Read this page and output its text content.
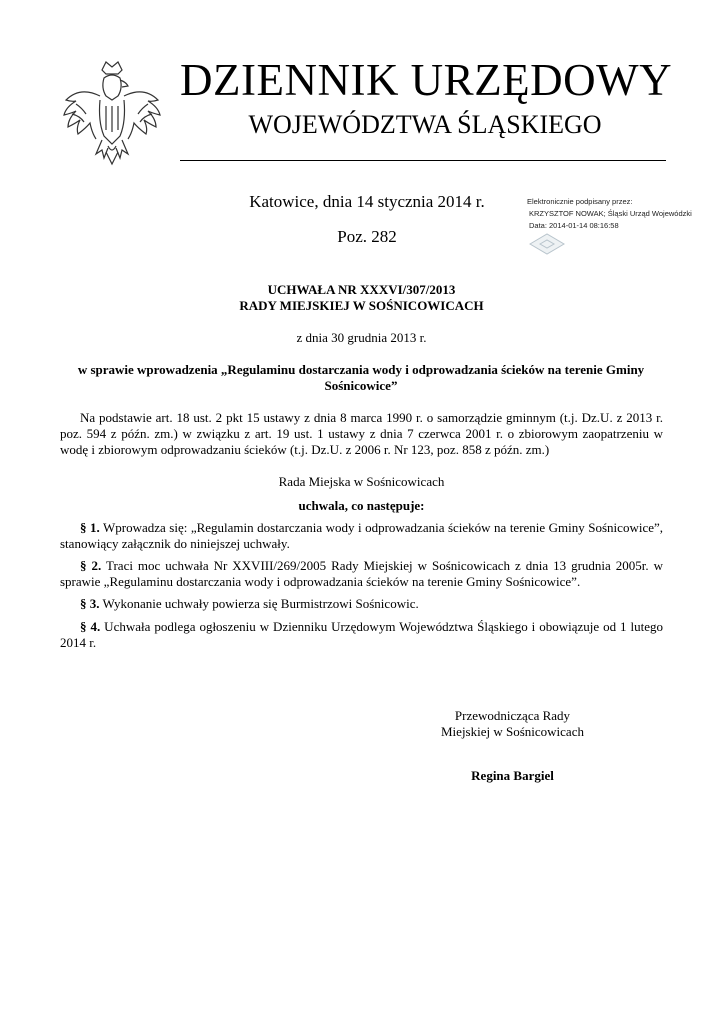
DZIENNIK URZĘDOWY
WOJEWÓDZTWA ŚLĄSKIEGO
Katowice, dnia 14 stycznia 2014 r.
Poz. 282
Elektronicznie podpisany przez:
KRZYSZTOF NOWAK; Śląski Urząd Wojewódzki
Data: 2014-01-14 08:16:58
UCHWAŁA NR XXXVI/307/2013
RADY MIEJSKIEJ W SOŚNICOWICACH
z dnia 30 grudnia 2013 r.
w sprawie wprowadzenia „Regulaminu dostarczania wody i odprowadzania ścieków na terenie Gminy Sośnicowice”
Na podstawie art. 18 ust. 2 pkt 15 ustawy z dnia 8 marca 1990 r. o samorządzie gminnym (t.j. Dz.U. z 2013 r. poz. 594 z późn. zm.) w związku z art. 19 ust. 1 ustawy z dnia 7 czerwca 2001 r. o zbiorowym zaopatrzeniu w wodę i zbiorowym odprowadzaniu ścieków (t.j. Dz.U. z 2006 r. Nr 123, poz. 858 z późn. zm.)
Rada Miejska w Sośnicowicach
uchwala, co następuje:
§ 1. Wprowadza się: „Regulamin dostarczania wody i odprowadzania ścieków na terenie Gminy Sośnicowice”, stanowiący załącznik do niniejszej uchwały.
§ 2. Traci moc uchwała Nr XXVIII/269/2005 Rady Miejskiej w Sośnicowicach z dnia 13 grudnia 2005r. w sprawie „Regulaminu dostarczania wody i odprowadzania ścieków na terenie Gminy Sośnicowice”.
§ 3. Wykonanie uchwały powierza się Burmistrzowi Sośnicowic.
§ 4. Uchwała podlega ogłoszeniu w Dzienniku Urzędowym Województwa Śląskiego i obowiązuje od 1 lutego 2014 r.
Przewodnicząca Rady
Miejskiej w Sośnicowicach
Regina Bargiel
